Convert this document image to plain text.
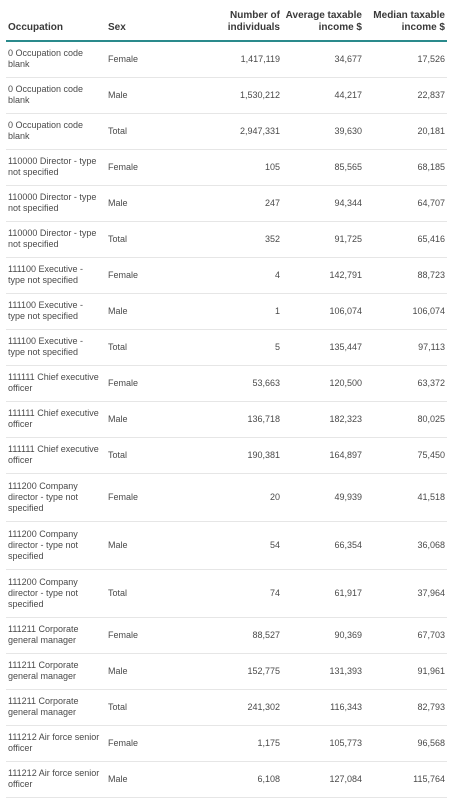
Occupation	Sex	Number of individuals	Average taxable income $	Median taxable income $
0 Occupation code blank	Female	1,417,119	34,677	17,526
0 Occupation code blank	Male	1,530,212	44,217	22,837
0 Occupation code blank	Total	2,947,331	39,630	20,181
110000 Director - type not specified	Female	105	85,565	68,185
110000 Director - type not specified	Male	247	94,344	64,707
110000 Director - type not specified	Total	352	91,725	65,416
111100 Executive - type not specified	Female	4	142,791	88,723
111100 Executive - type not specified	Male	1	106,074	106,074
111100 Executive - type not specified	Total	5	135,447	97,113
111111 Chief executive officer	Female	53,663	120,500	63,372
111111 Chief executive officer	Male	136,718	182,323	80,025
111111 Chief executive officer	Total	190,381	164,897	75,450
111200 Company director - type not specified	Female	20	49,939	41,518
111200 Company director - type not specified	Male	54	66,354	36,068
111200 Company director - type not specified	Total	74	61,917	37,964
111211 Corporate general manager	Female	88,527	90,369	67,703
111211 Corporate general manager	Male	152,775	131,393	91,961
111211 Corporate general manager	Total	241,302	116,343	82,793
111212 Air force senior officer	Female	1,175	105,773	96,568
111212 Air force senior officer	Male	6,108	127,084	115,764
